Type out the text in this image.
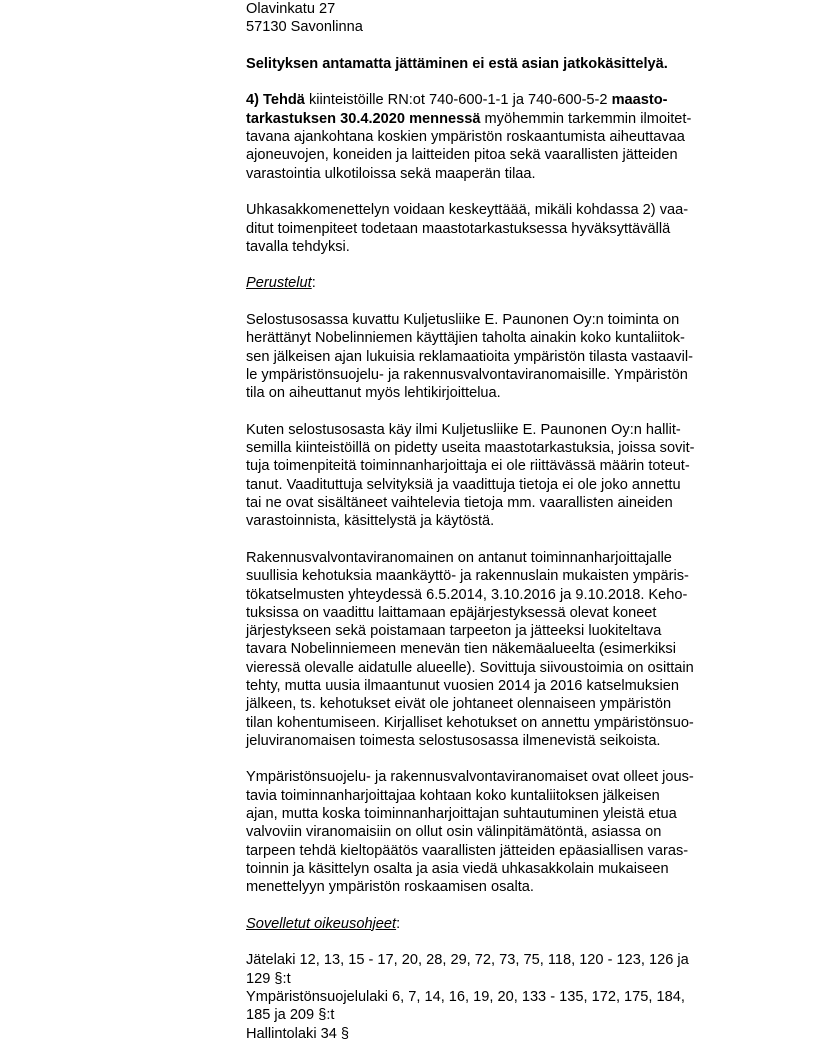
Olavinkatu 27
57130 Savonlinna
Selityksen antamatta jättäminen ei estä asian jatkokäsittelyä.
4) Tehdä kiinteistöille RN:ot 740-600-1-1 ja 740-600-5-2 maasto-
tarkastuksen 30.4.2020 mennessä myöhemmin tarkemmin ilmoitet-
tavana ajankohtana koskien ympäristön roskaantumista aiheuttavaa
ajoneuvojen, koneiden ja laitteiden pitoa sekä vaarallisten jätteiden
varastointia ulkotiloissa sekä maaperän tilaa.
Uhkasakkomenettelyn voidaan keskeyttäää, mikäli kohdassa 2) vaa-
ditut toimenpiteet todetaan maastotarkastuksessa hyväksyttävällä
tavalla tehdyksi.
Perustelut:
Selostusosassa kuvattu Kuljetusliike E. Paunonen Oy:n toiminta on
herättänyt Nobelinniemen käyttäjien taholta ainakin koko kuntaliitok-
sen jälkeisen ajan lukuisia reklamaatioita ympäristön tilasta vastaavil-
le ympäristönsuojelu- ja rakennusvalvontaviranomaisille. Ympäristön
tila on aiheuttanut myös lehtikirjoittelua.
Kuten selostusosasta käy ilmi Kuljetusliike E. Paunonen Oy:n hallit-
semilla kiinteistöillä on pidetty useita maastotarkastuksia, joissa sovit-
tuja toimenpiteitä toiminnanharjoittaja ei ole riittävässä määrin toteut-
tanut. Vaadituttuja selvityksiä ja vaadittuja tietoja ei ole joko annettu
tai ne ovat sisältäneet vaihtelevia tietoja mm. vaarallisten aineiden
varastoinnista, käsittelystä ja käytöstä.
Rakennusvalvontaviranomainen on antanut toiminnanharjoittajalle
suullisia kehotuksia maankäyttö- ja rakennuslain mukaisten ympäris-
tökatselmusten yhteydessä 6.5.2014, 3.10.2016 ja 9.10.2018. Keho-
tuksissa on vaadittu laittamaan epäjärjestyksessä olevat koneet
järjestykseen sekä poistamaan tarpeeton ja jätteeksi luokiteltava
tavara Nobelinniemeen menevän tien näkemäalueelta (esimerkiksi
vieressä olevalle aidatulle alueelle). Sovittuja siivoustoimia on osittain
tehty, mutta uusia ilmaantunut vuosien 2014 ja 2016 katselmuksien
jälkeen, ts. kehotukset eivät ole johtaneet olennaiseen ympäristön
tilan kohentumiseen. Kirjalliset kehotukset on annettu ympäristönsuo-
jeluviranomaisen toimesta selostusosassa ilmenevistä seikoista.
Ympäristönsuojelu- ja rakennusvalvontaviranomaiset ovat olleet jous-
tavia toiminnanharjoittajaa kohtaan koko kuntaliitoksen jälkeisen
ajan, mutta koska toiminnanharjoittajan suhtautuminen yleistä etua
valvoviin viranomaisiin on ollut osin välinpitämätöntä, asiassa on
tarpeen tehdä kieltopäätös vaarallisten jätteiden epäasiallisen varas-
toinnin ja käsittelyn osalta ja asia viedä uhkasakkolain mukaiseen
menettelyyn ympäristön roskaamisen osalta.
Sovelletut oikeusohjeet:
Jätelaki 12, 13, 15 - 17, 20, 28, 29, 72, 73, 75, 118, 120 - 123, 126 ja
129 §:t
Ympäristönsuojelulaki 6, 7, 14, 16, 19, 20, 133 - 135, 172, 175, 184,
185 ja 209 §:t
Hallintolaki 34 §
